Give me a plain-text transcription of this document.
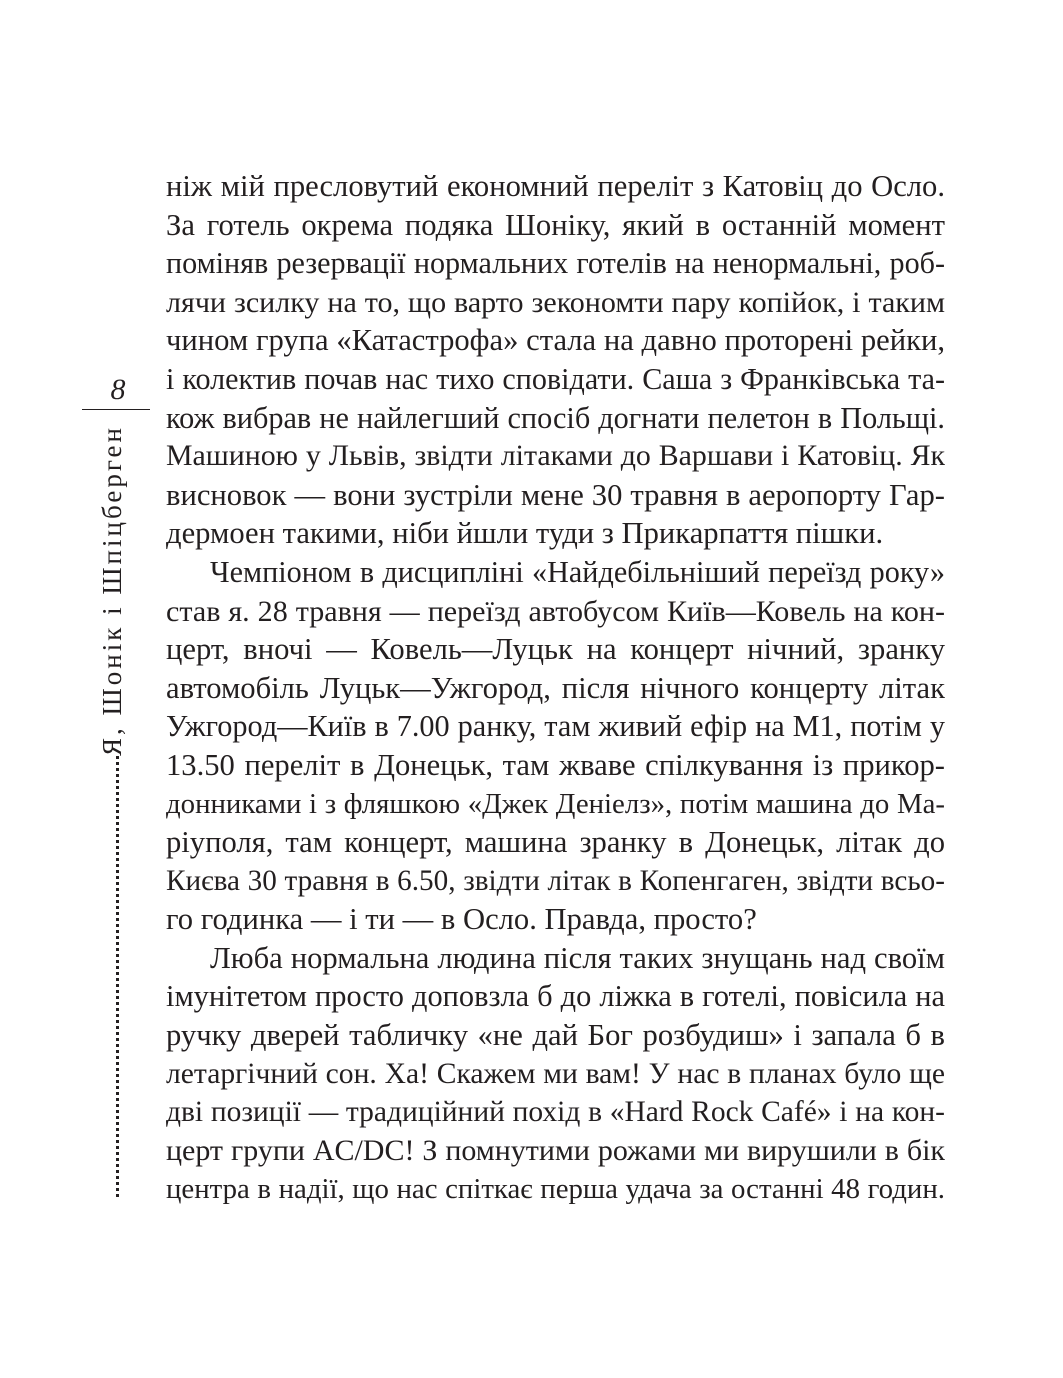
8
Я, Шонік і Шпіцберген
ніж мій пресловутий економний переліт з Катовіц до Осло.
За готель окрема подяка Шоніку, який в останній момент
поміняв резервації нормальних готелів на ненормальні, роб-
лячи зсилку на то, що варто зекономти пару копійок, і таким
чином група «Катастрофа» стала на давно проторені рейки,
і колектив почав нас тихо сповідати. Саша з Франківська та-
кож вибрав не найлегший спосіб догнати пелетон в Польщі.
Машиною у Львів, звідти літаками до Варшави і Катовіц. Як
висновок — вони зустріли мене 30 травня в аеропорту Гар-
дермоен такими, ніби йшли туди з Прикарпаття пішки.
Чемпіоном в дисципліні «Найдебільніший переїзд року»
став я. 28 травня — переїзд автобусом Київ—Ковель на кон-
церт, вночі — Ковель—Луцьк на концерт нічний, зранку
автомобіль Луцьк—Ужгород, після нічного концерту літак
Ужгород—Київ в 7.00 ранку, там живий ефір на М1, потім у
13.50 переліт в Донецьк, там жваве спілкування із прикор-
донниками і з фляшкою «Джек Деніелз», потім машина до Ма-
ріуполя, там концерт, машина зранку в Донецьк, літак до
Києва 30 травня в 6.50, звідти літак в Копенгаген, звідти всьо-
го годинка — і ти — в Осло. Правда, просто?
Люба нормальна людина після таких знущань над своїм
імунітетом просто доповзла б до ліжка в готелі, повісила на
ручку дверей табличку «не дай Бог розбудиш» і запала б в
летаргічний сон. Ха! Скажем ми вам! У нас в планах було ще
дві позиції — традиційний похід в «Hard Rock Café» і на кон-
церт групи AC/DC! З помнутими рожами ми вирушили в бік
центра в надії, що нас спіткає перша удача за останні 48 годин.
